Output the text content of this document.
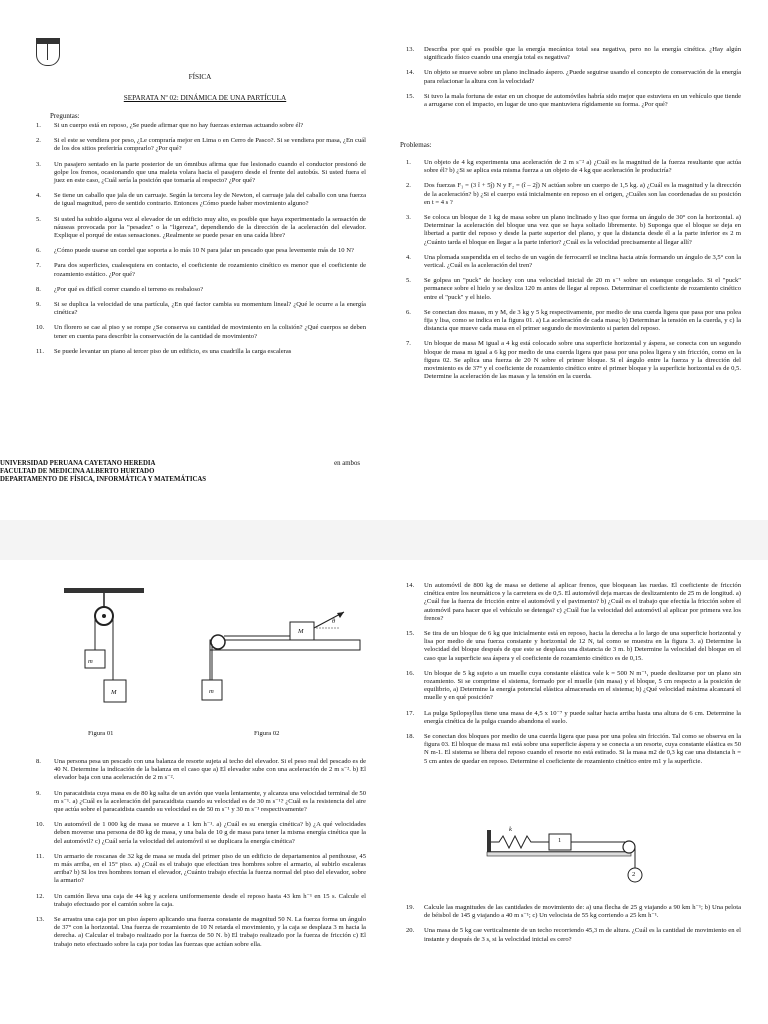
FÍSICA
SEPARATA Nº 02: DINÁMICA DE UNA PARTÍCULA
Preguntas:
1.	Si un cuerpo está en reposo, ¿Se puede afirmar que no hay fuerzas externas actuando sobre él?
2.	Si el este se vendiera por peso, ¿Le compraría mejor en Lima o en Cerro de Pasco?. Si se vendiera por masa, ¿En cuál de los dos sitios preferiría comprarlo? ¿Por qué?
3.	Un pasajero sentado en la parte posterior de un ómnibus afirma que fue lesionado cuando el conductor presionó de golpe los frenos, ocasionando que una maleta volara hacia el pasajero desde el frente del autobús. Si usted fuera el juez en este caso, ¿Cuál sería la posición que tomaría al respecto? ¿Por qué?
4.	Se tiene un caballo que jala de un carruaje. Según la tercera ley de Newton, el carruaje jala del caballo con una fuerza de igual magnitud, pero de sentido contrario. Entonces ¿Cómo puede haber movimiento alguno?
5.	Si usted ha subido alguna vez al elevador de un edificio muy alto, es posible que haya experimentado la sensación de náuseas provocada por la "pesadez" o la "ligereza", dependiendo de la dirección de la aceleración del elevador. Explique el porqué de estas sensaciones. ¿Realmente se puede pesar en una caída libre?
6.	¿Cómo puede usarse un cordel que soporta a lo más 10 N para jalar un pescado que pesa levemente más de 10 N?
7.	Para dos superficies, cualesquiera en contacto, el coeficiente de rozamiento cinético es menor que el coeficiente de rozamiento estático. ¿Por qué?
8.	¿Por qué es difícil correr cuando el terreno es resbaloso?
9.	Si se duplica la velocidad de una partícula, ¿En qué factor cambia su momentum lineal? ¿Qué le ocurre a la energía cinética?
10.	Un florero se cae al piso y se rompe ¿Se conserva su cantidad de movimiento en la colisión? ¿Qué cuerpos se deben tener en cuenta para describir la conservación de la cantidad de movimiento?
11.	Se puede levantar un piano al tercer piso de un edificio, es una cuadrilla la carga escaleras
UNIVERSIDAD PERUANA CAYETANO HEREDIA
FACULTAD DE MEDICINA ALBERTO HURTADO
DEPARTAMENTO DE FÍSICA, INFORMÁTICA Y MATEMÁTICAS
en ambos
13.	Describa por qué es posible que la energía mecánica total sea negativa, pero no la energía cinética. ¿Hay algún significado físico cuando una energía total es negativa?
14.	Un objeto se mueve sobre un plano inclinado áspero. ¿Puede seguirse usando el concepto de conservación de la energía para relacionar la altura con la velocidad?
15.	Si tuvo la mala fortuna de estar en un choque de automóviles habría sido mejor que estuviera en un vehículo que tiende a arrugarse con el impacto, en lugar de uno que mantuviera rígidamente su forma. ¿Por qué?
Problemas:
1.	Un objeto de 4 kg experimenta una aceleración de 2 m s⁻² a) ¿Cuál es la magnitud de la fuerza resultante que actúa sobre él? b) ¿Si se aplica esta misma fuerza a un objeto de 4 kg que aceleración le produciría?
2.	Dos fuerzas F₁ = (3 î + 5ĵ) N y F₂ = (î – 2ĵ) N actúan sobre un cuerpo de 1,5 kg. a) ¿Cuál es la magnitud y la dirección de la aceleración? b) ¿Si el cuerpo está inicialmente en reposo en el origen, ¿Cuáles son las coordenadas de su posición en t = 4 s ?
3.	Se coloca un bloque de 1 kg de masa sobre un plano inclinado y liso que forma un ángulo de 30° con la horizontal. a) Determinar la aceleración del bloque una vez que se haya soltado libremente. b) Suponga que el bloque se deja en libertad a partir del reposo y desde la parte superior del plano, y que la distancia desde él a la parte inferior es 2 m ¿Cuánto tarda el bloque en llegar a la parte inferior? ¿Cuál es la velocidad precisamente al llegar allí?
4.	Una plomada suspendida en el techo de un vagón de ferrocarril se inclina hacia atrás formando un ángulo de 3,5° con la vertical. ¿Cuál es la aceleración del tren?
5.	Se golpea un "puck" de hockey con una velocidad inicial de 20 m s⁻¹ sobre un estanque congelado. Si el "puck" permanece sobre el hielo y se desliza 120 m antes de llegar al reposo. Determinar el coeficiente de rozamiento cinético entre el "puck" y el hielo.
6.	Se conectan dos masas, m y M, de 3 kg y 5 kg respectivamente, por medio de una cuerda ligera que pasa por una polea fija y lisa, como se indica en la figura 01. a) La aceleración de cada masa; b) Determinar la tensión en la cuerda, y c) la distancia que mueve cada masa en el primer segundo de movimiento si parten del reposo.
7.	Un bloque de masa M igual a 4 kg está colocado sobre una superficie horizontal y áspera, se conecta con un segundo bloque de masa m igual a 6 kg por medio de una cuerda ligera que pasa por una polea ligera y sin fricción, como en la figura 02. Se aplica una fuerza de 20 N sobre el primer bloque. Si el ángulo entre la fuerza y la dirección del movimiento es de 37° y el coeficiente de rozamiento cinético entre el primer bloque y la superficie horizontal es de 0,5. Determine la aceleración de las masas y la tensión en la cuerda.
m
M	m
M
θ
Figura 01	Figura 02
8.	Una persona pesa un pescado con una balanza de resorte sujeta al techo del elevador. Si el peso real del pescado es de 40 N. Determine la indicación de la balanza en el caso que a) El elevador sube con una aceleración de 2 m s⁻². b) El elevador baja con una aceleración de 2 m s⁻².
9.	Un paracaidista cuya masa es de 80 kg salta de un avión que vuela lentamente, y alcanza una velocidad terminal de 50 m s⁻¹. a) ¿Cuál es la aceleración del paracaidista cuando su velocidad es de 30 m s⁻¹? ¿Cuál es la resistencia del aire que actúa sobre el paracaidista cuando su velocidad es de 50 m s⁻¹ y 30 m s⁻¹ respectivamente?
10.	Un automóvil de 1 000 kg de masa se mueve a 1 km h⁻¹. a) ¿Cuál es su energía cinética? b) ¿A qué velocidades deben moverse una persona de 80 kg de masa, y una bala de 10 g de masa para tener la misma energía cinética que la del automóvil? c) ¿Cuál sería la velocidad del automóvil si se duplicara la energía cinética?
11.	Un armario de roscanas de 32 kg de masa se muda del primer piso de un edificio de departamentos al penthouse, 45 m más arriba, en el 15° piso. a) ¿Cuál es el trabajo que efectúan tres hombres sobre el armario, al subirlo escaleras arriba? b) Si los tres hombres toman el elevador, ¿Cuánto trabajo efectúa la fuerza normal del piso del elevador, sobre la armario?
12.	Un camión lleva una caja de 44 kg y acelera uniformemente desde el reposo hasta 43 km h⁻¹ en 15 s. Calcule el trabajo efectuado por el camión sobre la caja.
13.	Se arrastra una caja por un piso áspero aplicando una fuerza constante de magnitud 50 N. La fuerza forma un ángulo de 37° con la horizontal. Una fuerza de rozamiento de 10 N retarda el movimiento, y la caja se desplaza 3 m hacia la derecha. a) Calcular el trabajo realizado por la fuerza de 50 N. b) El trabajo realizado por la fuerza de fricción c) El trabajo neto efectuado sobre la caja por todas las fuerzas que actúan sobre ella.
14.	Un automóvil de 800 kg de masa se detiene al aplicar frenos, que bloquean las ruedas. El coeficiente de fricción cinética entre los neumáticos y la carretera es de 0,5. El automóvil deja marcas de deslizamiento de 25 m de longitud. a) ¿Cuál fue la fuerza de fricción entre el automóvil y el pavimento? b) ¿Cuál es el trabajo que efectúa la fricción sobre el automóvil para hacer que el vehículo se detenga? c) ¿Cuál fue la velocidad del automóvil al aplicar por primera vez los frenos?
15.	Se tira de un bloque de 6 kg que inicialmente está en reposo, hacia la derecha a lo largo de una superficie horizontal y lisa por medio de una fuerza constante y horizontal de 12 N, tal como se muestra en la figura 3. a) Determine la velocidad del bloque después de que este se desplaza una distancia de 3 m. b) Determine la velocidad del bloque en el caso que la superficie sea áspera y el coeficiente de rozamiento cinético es de 0,15.
16.	Un bloque de 5 kg sujeto a un muelle cuya constante elástica vale k = 500 N m⁻¹, puede deslizarse por un plano sin rozamiento. Si se comprime el sistema, formado por el muelle (sin masa) y el bloque, 5 cm respecto a la posición de equilibrio, a) Determine la energía potencial elástica almacenada en el sistema; b) ¿Qué velocidad máxima alcanzará el muelle y en qué posición?
17.	La pulga Spilopsyllus tiene una masa de 4,5 x 10⁻⁷ y puede saltar hacia arriba hasta una altura de 6 cm. Determine la energía cinética de la pulga cuando abandona el suelo.
18.	Se conectan dos bloques por medio de una cuerda ligera que pasa por una polea sin fricción. Tal como se observa en la figura 03. El bloque de masa m1 está sobre una superficie áspera y se conecta a un resorte, cuya constante elástica es 50 N m-1. El sistema se libera del reposo cuando el resorte no está estirado. Si la masa m2 de 0,3 kg cae una distancia h = 5 cm antes de quedar en reposo. Determine el coeficiente de rozamiento cinético entre m1 y la superficie.
k
1
2
19.	Calcule las magnitudes de las cantidades de movimiento de: a) una flecha de 25 g viajando a 90 km h⁻¹; b) Una pelota de béisbol de 145 g viajando a 40 m s⁻¹; c) Un velocista de 55 kg corriendo a 25 km h⁻¹.
20.	Una masa de 5 kg cae verticalmente de un techo recorriendo 45,3 m de altura. ¿Cuál es la cantidad de movimiento en el instante y después de 3 s, si la velocidad inicial es cero?
